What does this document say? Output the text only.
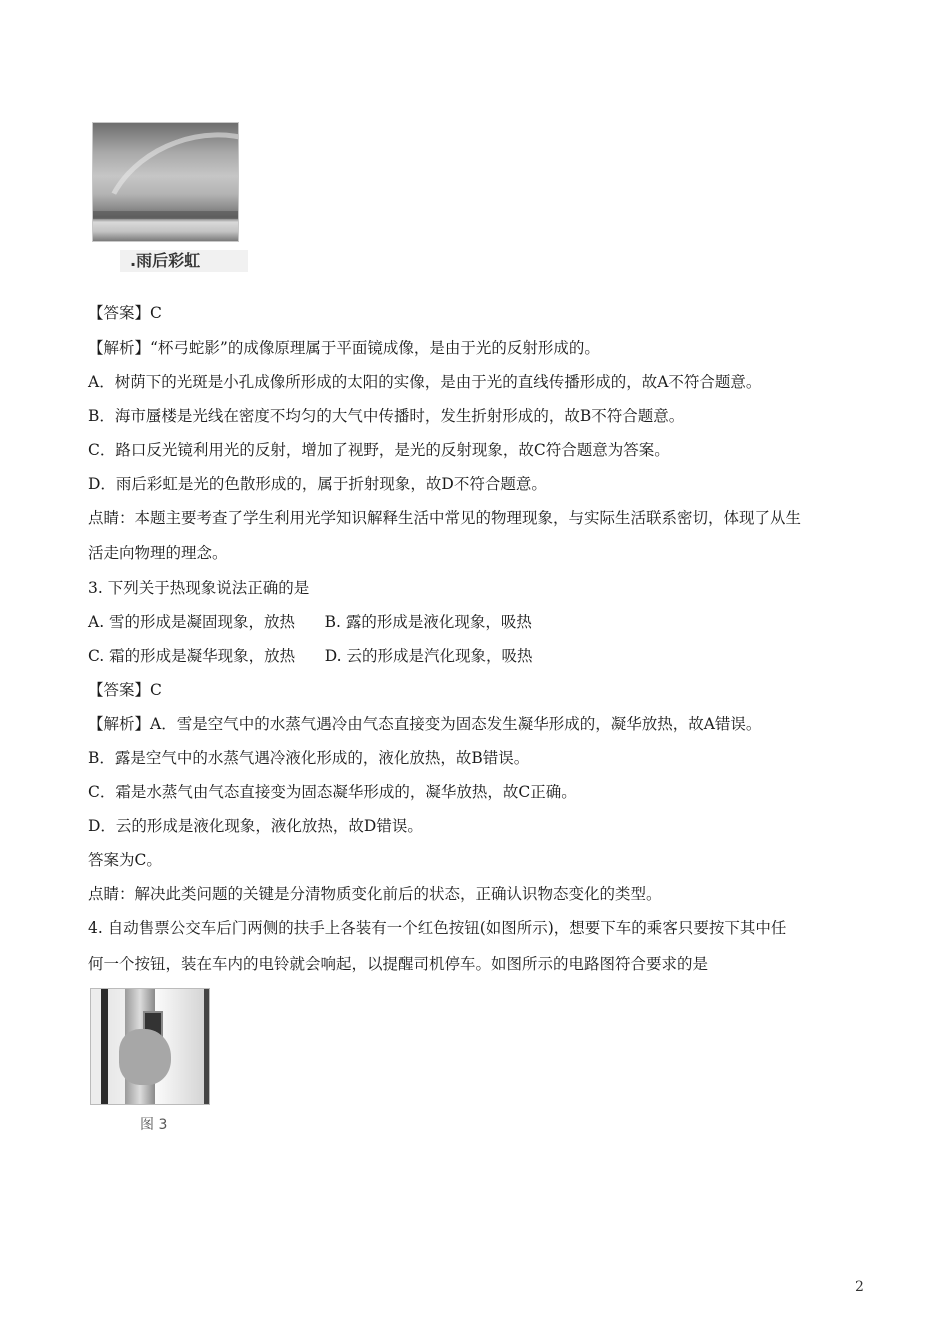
.雨后彩虹
【答案】C
【解析】“杯弓蛇影”的成像原理属于平面镜成像，是由于光的反射形成的。
A．树荫下的光斑是小孔成像所形成的太阳的实像，是由于光的直线传播形成的，故A不符合题意。
B．海市蜃楼是光线在密度不均匀的大气中传播时，发生折射形成的，故B不符合题意。
C．路口反光镜利用光的反射，增加了视野，是光的反射现象，故C符合题意为答案。
D．雨后彩虹是光的色散形成的，属于折射现象，故D不符合题意。
点睛：本题主要考查了学生利用光学知识解释生活中常见的物理现象，与实际生活联系密切，体现了从生
活走向物理的理念。
3. 下列关于热现象说法正确的是
A. 雪的形成是凝固现象，放热      B. 露的形成是液化现象，吸热
C. 霜的形成是凝华现象，放热      D. 云的形成是汽化现象，吸热
【答案】C
【解析】A．雪是空气中的水蒸气遇冷由气态直接变为固态发生凝华形成的，凝华放热，故A错误。
B．露是空气中的水蒸气遇冷液化形成的，液化放热，故B错误。
C．霜是水蒸气由气态直接变为固态凝华形成的，凝华放热，故C正确。
D．云的形成是液化现象，液化放热，故D错误。
答案为C。
点睛：解决此类问题的关键是分清物质变化前后的状态，正确认识物态变化的类型。
4. 自动售票公交车后门两侧的扶手上各装有一个红色按钮(如图所示)，想要下车的乘客只要按下其中任
何一个按钮，装在车内的电铃就会响起，以提醒司机停车。如图所示的电路图符合要求的是
图 3
2
